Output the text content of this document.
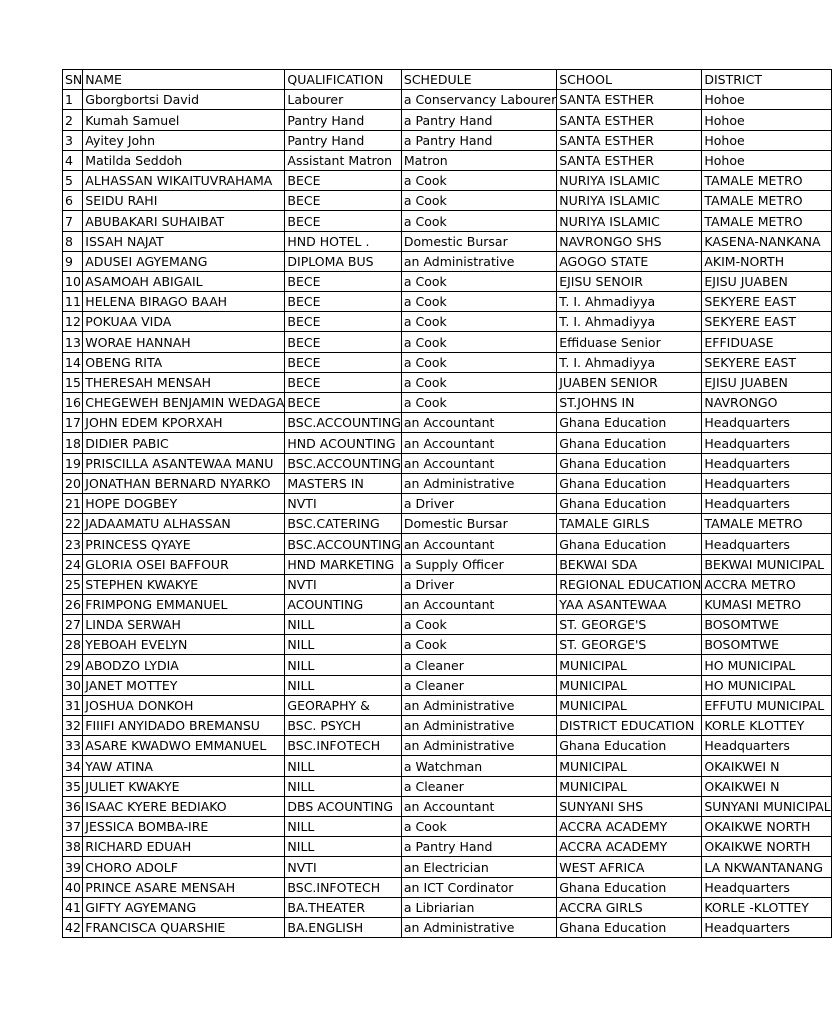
SN	NAME	QUALIFICATION	SCHEDULE	SCHOOL	DISTRICT
1	Gborgbortsi David	Labourer	a Conservancy Labourer	SANTA ESTHER	Hohoe
2	Kumah Samuel	Pantry Hand	a Pantry Hand	SANTA ESTHER	Hohoe
3	Ayitey John	Pantry Hand	a Pantry Hand	SANTA ESTHER	Hohoe
4	Matilda Seddoh	Assistant Matron	Matron	SANTA ESTHER	Hohoe
5	ALHASSAN WIKAITUVRAHAMA	BECE	a Cook	NURIYA ISLAMIC	TAMALE METRO
6	SEIDU RAHI	BECE	a Cook	NURIYA ISLAMIC	TAMALE METRO
7	ABUBAKARI SUHAIBAT	BECE	a Cook	NURIYA ISLAMIC	TAMALE METRO
8	ISSAH NAJAT	HND HOTEL .	Domestic Bursar	NAVRONGO SHS	KASENA-NANKANA
9	ADUSEI AGYEMANG	DIPLOMA BUS	an Administrative	AGOGO STATE	AKIM-NORTH
10	ASAMOAH ABIGAIL	BECE	a Cook	EJISU SENOIR	EJISU JUABEN
11	HELENA BIRAGO BAAH	BECE	a Cook	T. I. Ahmadiyya	SEKYERE EAST
12	POKUAA VIDA	BECE	a Cook	T. I. Ahmadiyya	SEKYERE EAST
13	WORAE HANNAH	BECE	a Cook	Effiduase Senior	EFFIDUASE
14	OBENG RITA	BECE	a Cook	T. I. Ahmadiyya	SEKYERE EAST
15	THERESAH MENSAH	BECE	a Cook	JUABEN SENIOR	EJISU JUABEN
16	CHEGEWEH BENJAMIN WEDAGA	BECE	a Cook	ST.JOHNS IN	NAVRONGO
17	JOHN EDEM KPORXAH	BSC.ACCOUNTING	an Accountant	Ghana Education	Headquarters
18	DIDIER PABIC	HND ACOUNTING	an Accountant	Ghana Education	Headquarters
19	PRISCILLA ASANTEWAA MANU	BSC.ACCOUNTING	an Accountant	Ghana Education	Headquarters
20	JONATHAN BERNARD NYARKO	MASTERS IN	an Administrative	Ghana Education	Headquarters
21	HOPE DOGBEY	NVTI	a Driver	Ghana Education	Headquarters
22	JADAAMATU ALHASSAN	BSC.CATERING	Domestic Bursar	TAMALE GIRLS	TAMALE METRO
23	PRINCESS QYAYE	BSC.ACCOUNTING	an Accountant	Ghana Education	Headquarters
24	GLORIA OSEI BAFFOUR	HND MARKETING	a Supply Officer	BEKWAI SDA	BEKWAI MUNICIPAL
25	STEPHEN KWAKYE	NVTI	a Driver	REGIONAL EDUCATION	ACCRA METRO
26	FRIMPONG EMMANUEL	ACOUNTING	an Accountant	YAA ASANTEWAA	KUMASI METRO
27	LINDA SERWAH	NILL	a Cook	ST. GEORGE'S	BOSOMTWE
28	YEBOAH EVELYN	NILL	a Cook	ST. GEORGE'S	BOSOMTWE
29	ABODZO LYDIA	NILL	a Cleaner	MUNICIPAL	HO MUNICIPAL
30	JANET MOTTEY	NILL	a Cleaner	MUNICIPAL	HO MUNICIPAL
31	JOSHUA DONKOH	GEORAPHY &	an Administrative	MUNICIPAL	EFFUTU MUNICIPAL
32	FIIIFI ANYIDADO BREMANSU	BSC. PSYCH	an Administrative	DISTRICT EDUCATION	KORLE KLOTTEY
33	ASARE KWADWO EMMANUEL	BSC.INFOTECH	an Administrative	Ghana Education	Headquarters
34	YAW ATINA	NILL	a Watchman	MUNICIPAL	OKAIKWEI N
35	JULIET KWAKYE	NILL	a Cleaner	MUNICIPAL	OKAIKWEI N
36	ISAAC KYERE BEDIAKO	DBS ACOUNTING	an Accountant	SUNYANI SHS	SUNYANI MUNICIPAL
37	JESSICA BOMBA-IRE	NILL	a Cook	ACCRA ACADEMY	OKAIKWE NORTH
38	RICHARD EDUAH	NILL	a Pantry Hand	ACCRA ACADEMY	OKAIKWE NORTH
39	CHORO ADOLF	NVTI	an Electrician	WEST AFRICA	LA NKWANTANANG
40	PRINCE ASARE MENSAH	BSC.INFOTECH	an ICT Cordinator	Ghana Education	Headquarters
41	GIFTY AGYEMANG	BA.THEATER	a Libriarian	ACCRA GIRLS	KORLE -KLOTTEY
42	FRANCISCA QUARSHIE	BA.ENGLISH	an Administrative	Ghana Education	Headquarters
